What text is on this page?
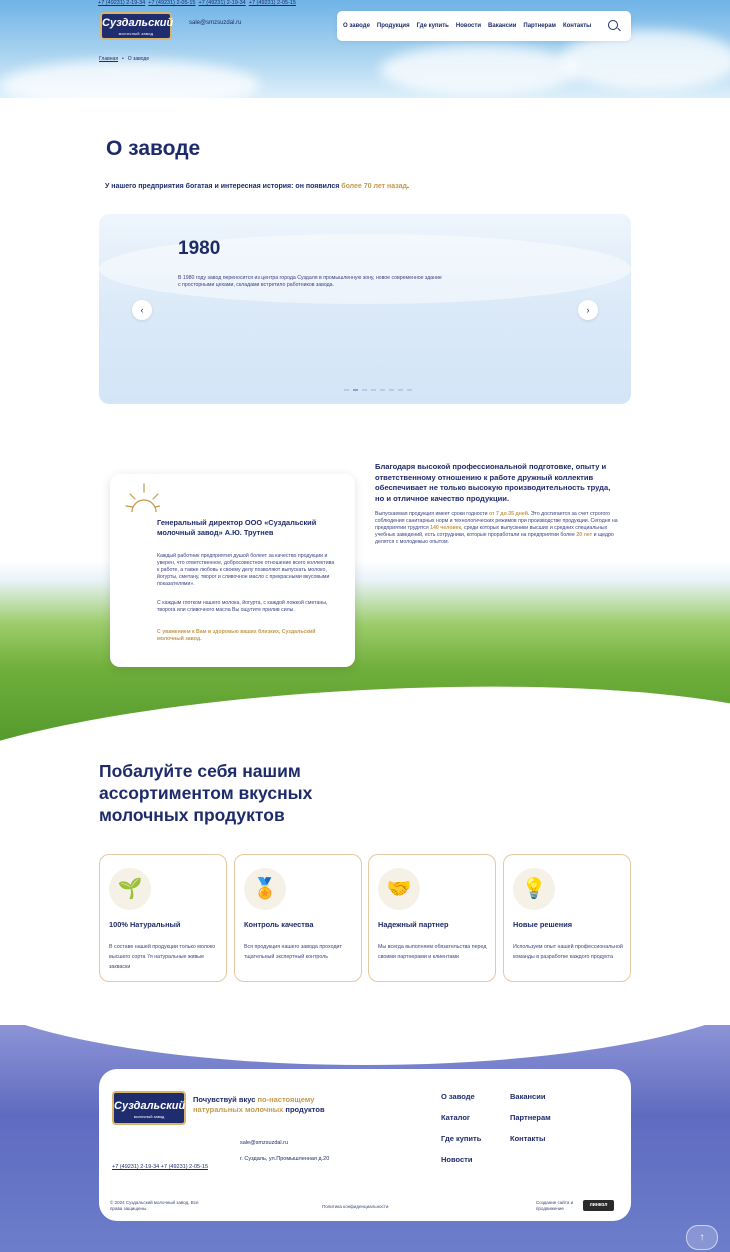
+7 (49231) 2-19-34 +7 (49231) 2-05-15 +7 (49231) 2-19-34 +7 (49231) 2-05-15
Суздальский
молочный завод
sale@smzsuzdal.ru	О заводе Продукция Где купить Новости Вакансии Партнерам Контакты
Главная • О заводе
О заводе
У нашего предприятия богатая и интересная история: он появился более 70 лет назад.
1980
В 1980 году завод переносится из центра города Суздаля в промышленную зону, новое современное здание с просторными цехами, складами встретило работников завода.
‹	›
Генеральный директор ООО «Суздальский молочный завод» А.Ю. Трутнев

Каждый работник предприятия душой болеет за качество продукции и уверен, что ответственное, добросовестное отношение всего коллектива к работе, а также любовь к своему делу позволяют выпускать молоко, йогурты, сметану, творог и сливочное масло с прекрасными вкусовыми показателями».

С каждым глотком нашего молока, йогурта, с каждой ложкой сметаны, творога или сливочного масла Вы ощутите прилив силы.

С уважением к Вам и здоровью ваших близких, Суздальский молочный завод.

Благодаря высокой профессиональной подготовке, опыту и ответственному отношению к работе дружный коллектив обеспечивает не только высокую производительность труда, но и отличное качество продукции.

Выпускаемая продукция имеет сроки годности от 7 до 35 дней. Это достигается за счет строгого соблюдения санитарных норм и технологических режимов при производстве продукции. Сегодня на предприятии трудятся 140 человек, среди которых выпускники высших и средних специальных учебных заведений, есть сотрудники, которые проработали на предприятии более 20 лет и щедро делятся с молодежью опытом.

Побалуйте себя нашим ассортиментом вкусных молочных продуктов
🌱
100% Натуральный
В составе нашей продукции только молоко высшего сорта 7я натуральные живые закваски
🏅
Контроль качества
Вся продукция нашего завода проходит тщательный экспертный контроль
🤝
Надежный партнер
Мы всегда выполняем обязательства перед своими партнерами и клиентами
💡
Новые решения
Используем опыт нашей профессиональной команды в разработке каждого продукта
Суздальский
молочный завод
Почувствуй вкус по-настоящему натуральных молочных продуктов
sale@smzsuzdal.ru
г. Суздаль, ул.Промышленная д.20
+7 (49231) 2-19-34 +7 (49231) 2-05-15
О заводе
Каталог
Где купить
Новости
Вакансии
Партнерам
Контакты
© 2024 Суздальский молочный завод. Все права защищены.	Политика конфиденциальности
Создание сайта и продвижение
линкол
↑
